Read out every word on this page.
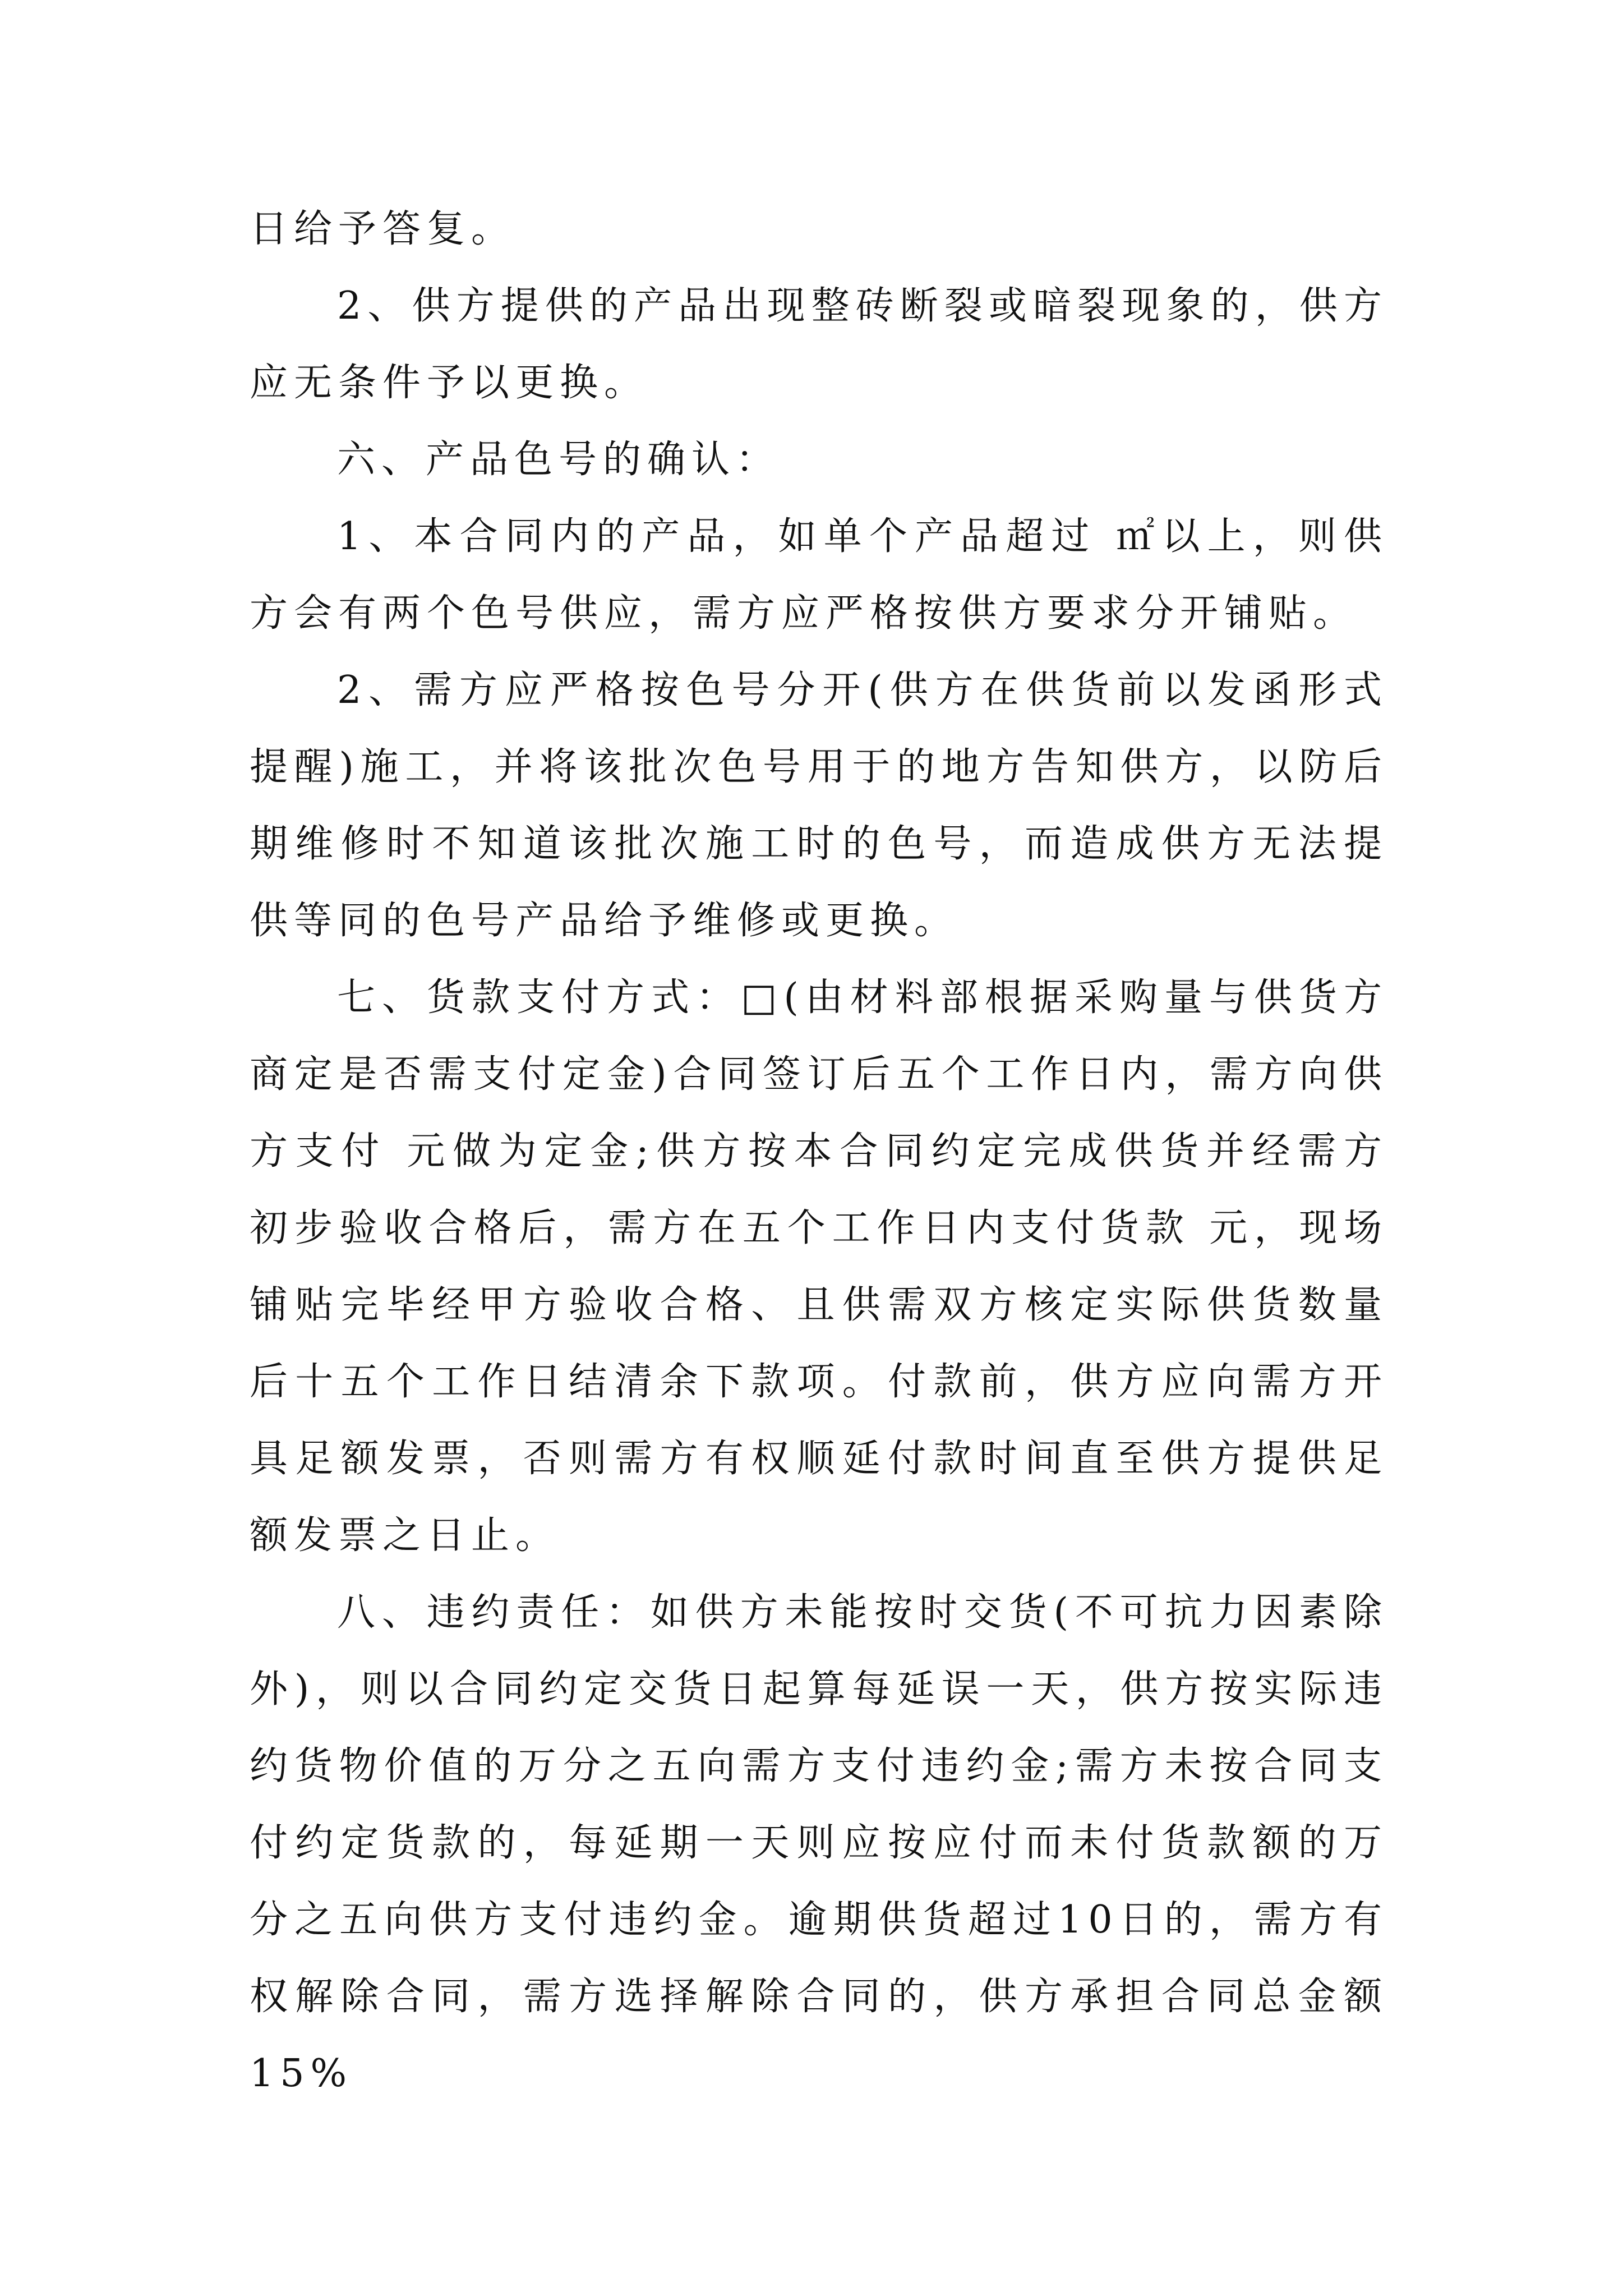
日给予答复。

2、供方提供的产品出现整砖断裂或暗裂现象的，供方应无条件予以更换。

六、产品色号的确认：

1、本合同内的产品，如单个产品超过 ㎡以上，则供方会有两个色号供应，需方应严格按供方要求分开铺贴。

2、需方应严格按色号分开(供方在供货前以发函形式提醒)施工，并将该批次色号用于的地方告知供方，以防后期维修时不知道该批次施工时的色号，而造成供方无法提供等同的色号产品给予维修或更换。

七、货款支付方式：□(由材料部根据采购量与供货方商定是否需支付定金)合同签订后五个工作日内，需方向供方支付 元做为定金;供方按本合同约定完成供货并经需方初步验收合格后，需方在五个工作日内支付货款 元，现场铺贴完毕经甲方验收合格、且供需双方核定实际供货数量后十五个工作日结清余下款项。付款前，供方应向需方开具足额发票，否则需方有权顺延付款时间直至供方提供足额发票之日止。

八、违约责任：如供方未能按时交货(不可抗力因素除外)，则以合同约定交货日起算每延误一天，供方按实际违约货物价值的万分之五向需方支付违约金;需方未按合同支付约定货款的，每延期一天则应按应付而未付货款额的万分之五向供方支付违约金。逾期供货超过10日的，需方有权解除合同，需方选择解除合同的，供方承担合同总金额15%
